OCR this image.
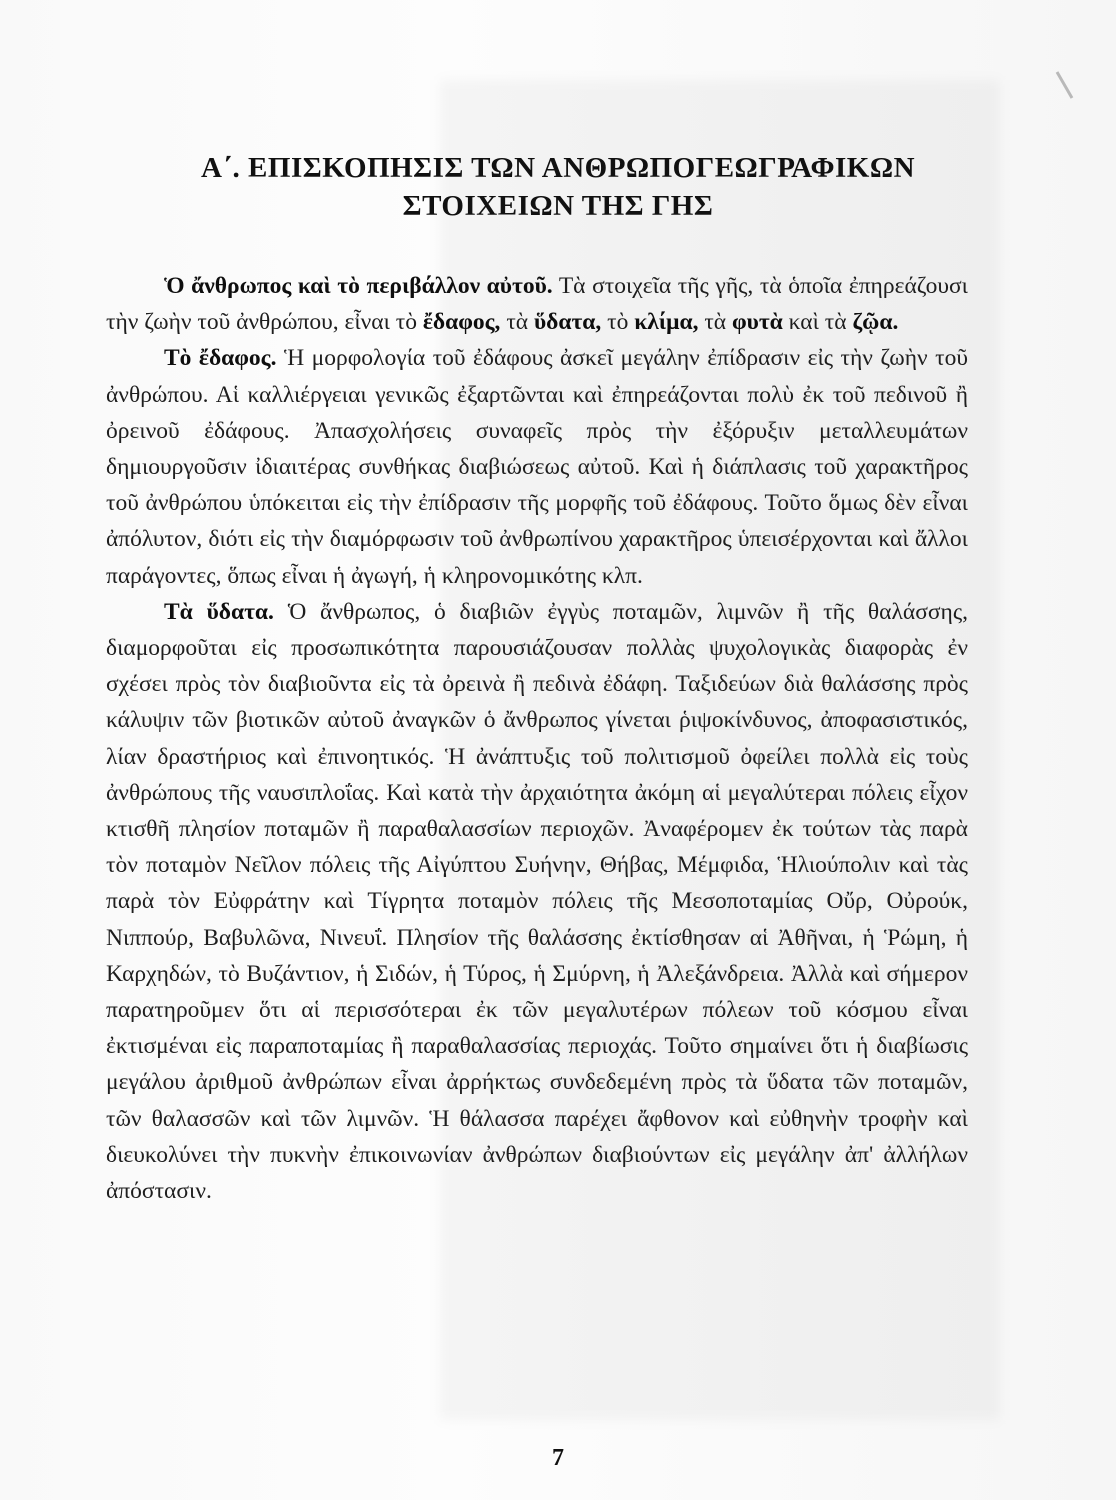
Α΄. ΕΠΙΣΚΟΠΗΣΙΣ ΤΩΝ ΑΝΘΡΩΠΟΓΕΩΓΡΑΦΙΚΩΝ
ΣΤΟΙΧΕΙΩΝ ΤΗΣ ΓΗΣ

Ὁ ἄνθρωπος καὶ τὸ περιβάλλον αὐτοῦ. Τὰ στοιχεῖα τῆς γῆς, τὰ ὁποῖα ἐπηρεάζουσι τὴν ζωὴν τοῦ ἀνθρώπου, εἶναι τὸ ἔδαφος, τὰ ὕδατα, τὸ κλίμα, τὰ φυτὰ καὶ τὰ ζῷα.

Τὸ ἔδαφος. Ἡ μορφολογία τοῦ ἐδάφους ἀσκεῖ μεγάλην ἐπίδρασιν εἰς τὴν ζωὴν τοῦ ἀνθρώπου. Αἱ καλλιέργειαι γενικῶς ἐξαρτῶνται καὶ ἐπηρεάζονται πολὺ ἐκ τοῦ πεδινοῦ ἢ ὀρεινοῦ ἐδάφους. Ἀπασχολήσεις συναφεῖς πρὸς τὴν ἐξόρυξιν μεταλλευμάτων δημιουργοῦσιν ἰδιαιτέρας συνθήκας διαβιώσεως αὐτοῦ. Καὶ ἡ διάπλασις τοῦ χαρακτῆρος τοῦ ἀνθρώπου ὑπόκειται εἰς τὴν ἐπίδρασιν τῆς μορφῆς τοῦ ἐδάφους. Τοῦτο ὅμως δὲν εἶναι ἀπόλυτον, διότι εἰς τὴν διαμόρφωσιν τοῦ ἀνθρωπίνου χαρακτῆρος ὑπεισέρχονται καὶ ἄλλοι παράγοντες, ὅπως εἶναι ἡ ἀγωγή, ἡ κληρονομικότης κλπ.

Τὰ ὕδατα. Ὁ ἄνθρωπος, ὁ διαβιῶν ἐγγὺς ποταμῶν, λιμνῶν ἢ τῆς θαλάσσης, διαμορφοῦται εἰς προσωπικότητα παρουσιάζουσαν πολλὰς ψυχολογικὰς διαφορὰς ἐν σχέσει πρὸς τὸν διαβιοῦντα εἰς τὰ ὀρεινὰ ἢ πεδινὰ ἐδάφη. Ταξιδεύων διὰ θαλάσσης πρὸς κάλυψιν τῶν βιοτικῶν αὐτοῦ ἀναγκῶν ὁ ἄνθρωπος γίνεται ῥιψοκίνδυνος, ἀποφασιστικός, λίαν δραστήριος καὶ ἐπινοητικός. Ἡ ἀνάπτυξις τοῦ πολιτισμοῦ ὀφείλει πολλὰ εἰς τοὺς ἀνθρώπους τῆς ναυσιπλοΐας. Καὶ κατὰ τὴν ἀρχαιότητα ἀκόμη αἱ μεγαλύτεραι πόλεις εἶχον κτισθῆ πλησίον ποταμῶν ἢ παραθαλασσίων περιοχῶν. Ἀναφέρομεν ἐκ τούτων τὰς παρὰ τὸν ποταμὸν Νεῖλον πόλεις τῆς Αἰγύπτου Συήνην, Θήβας, Μέμφιδα, Ἡλιούπολιν καὶ τὰς παρὰ τὸν Εὐφράτην καὶ Τίγρητα ποταμὸν πόλεις τῆς Μεσοποταμίας Οὔρ, Οὐρούκ, Νιππούρ, Βαβυλῶνα, Νινευΐ. Πλησίον τῆς θαλάσσης ἐκτίσθησαν αἱ Ἀθῆναι, ἡ Ῥώμη, ἡ Καρχηδών, τὸ Βυζάντιον, ἡ Σιδών, ἡ Τύρος, ἡ Σμύρνη, ἡ Ἀλεξάνδρεια. Ἀλλὰ καὶ σήμερον παρατηροῦμεν ὅτι αἱ περισσότεραι ἐκ τῶν μεγαλυτέρων πόλεων τοῦ κόσμου εἶναι ἐκτισμέναι εἰς παραποταμίας ἢ παραθαλασσίας περιοχάς. Τοῦτο σημαίνει ὅτι ἡ διαβίωσις μεγάλου ἀριθμοῦ ἀνθρώπων εἶναι ἀρρήκτως συνδεδεμένη πρὸς τὰ ὕδατα τῶν ποταμῶν, τῶν θαλασσῶν καὶ τῶν λιμνῶν. Ἡ θάλασσα παρέχει ἄφθονον καὶ εὐθηνὴν τροφὴν καὶ διευκολύνει τὴν πυκνὴν ἐπικοινωνίαν ἀνθρώπων διαβιούντων εἰς μεγάλην ἀπ' ἀλλήλων ἀπόστασιν.

7
